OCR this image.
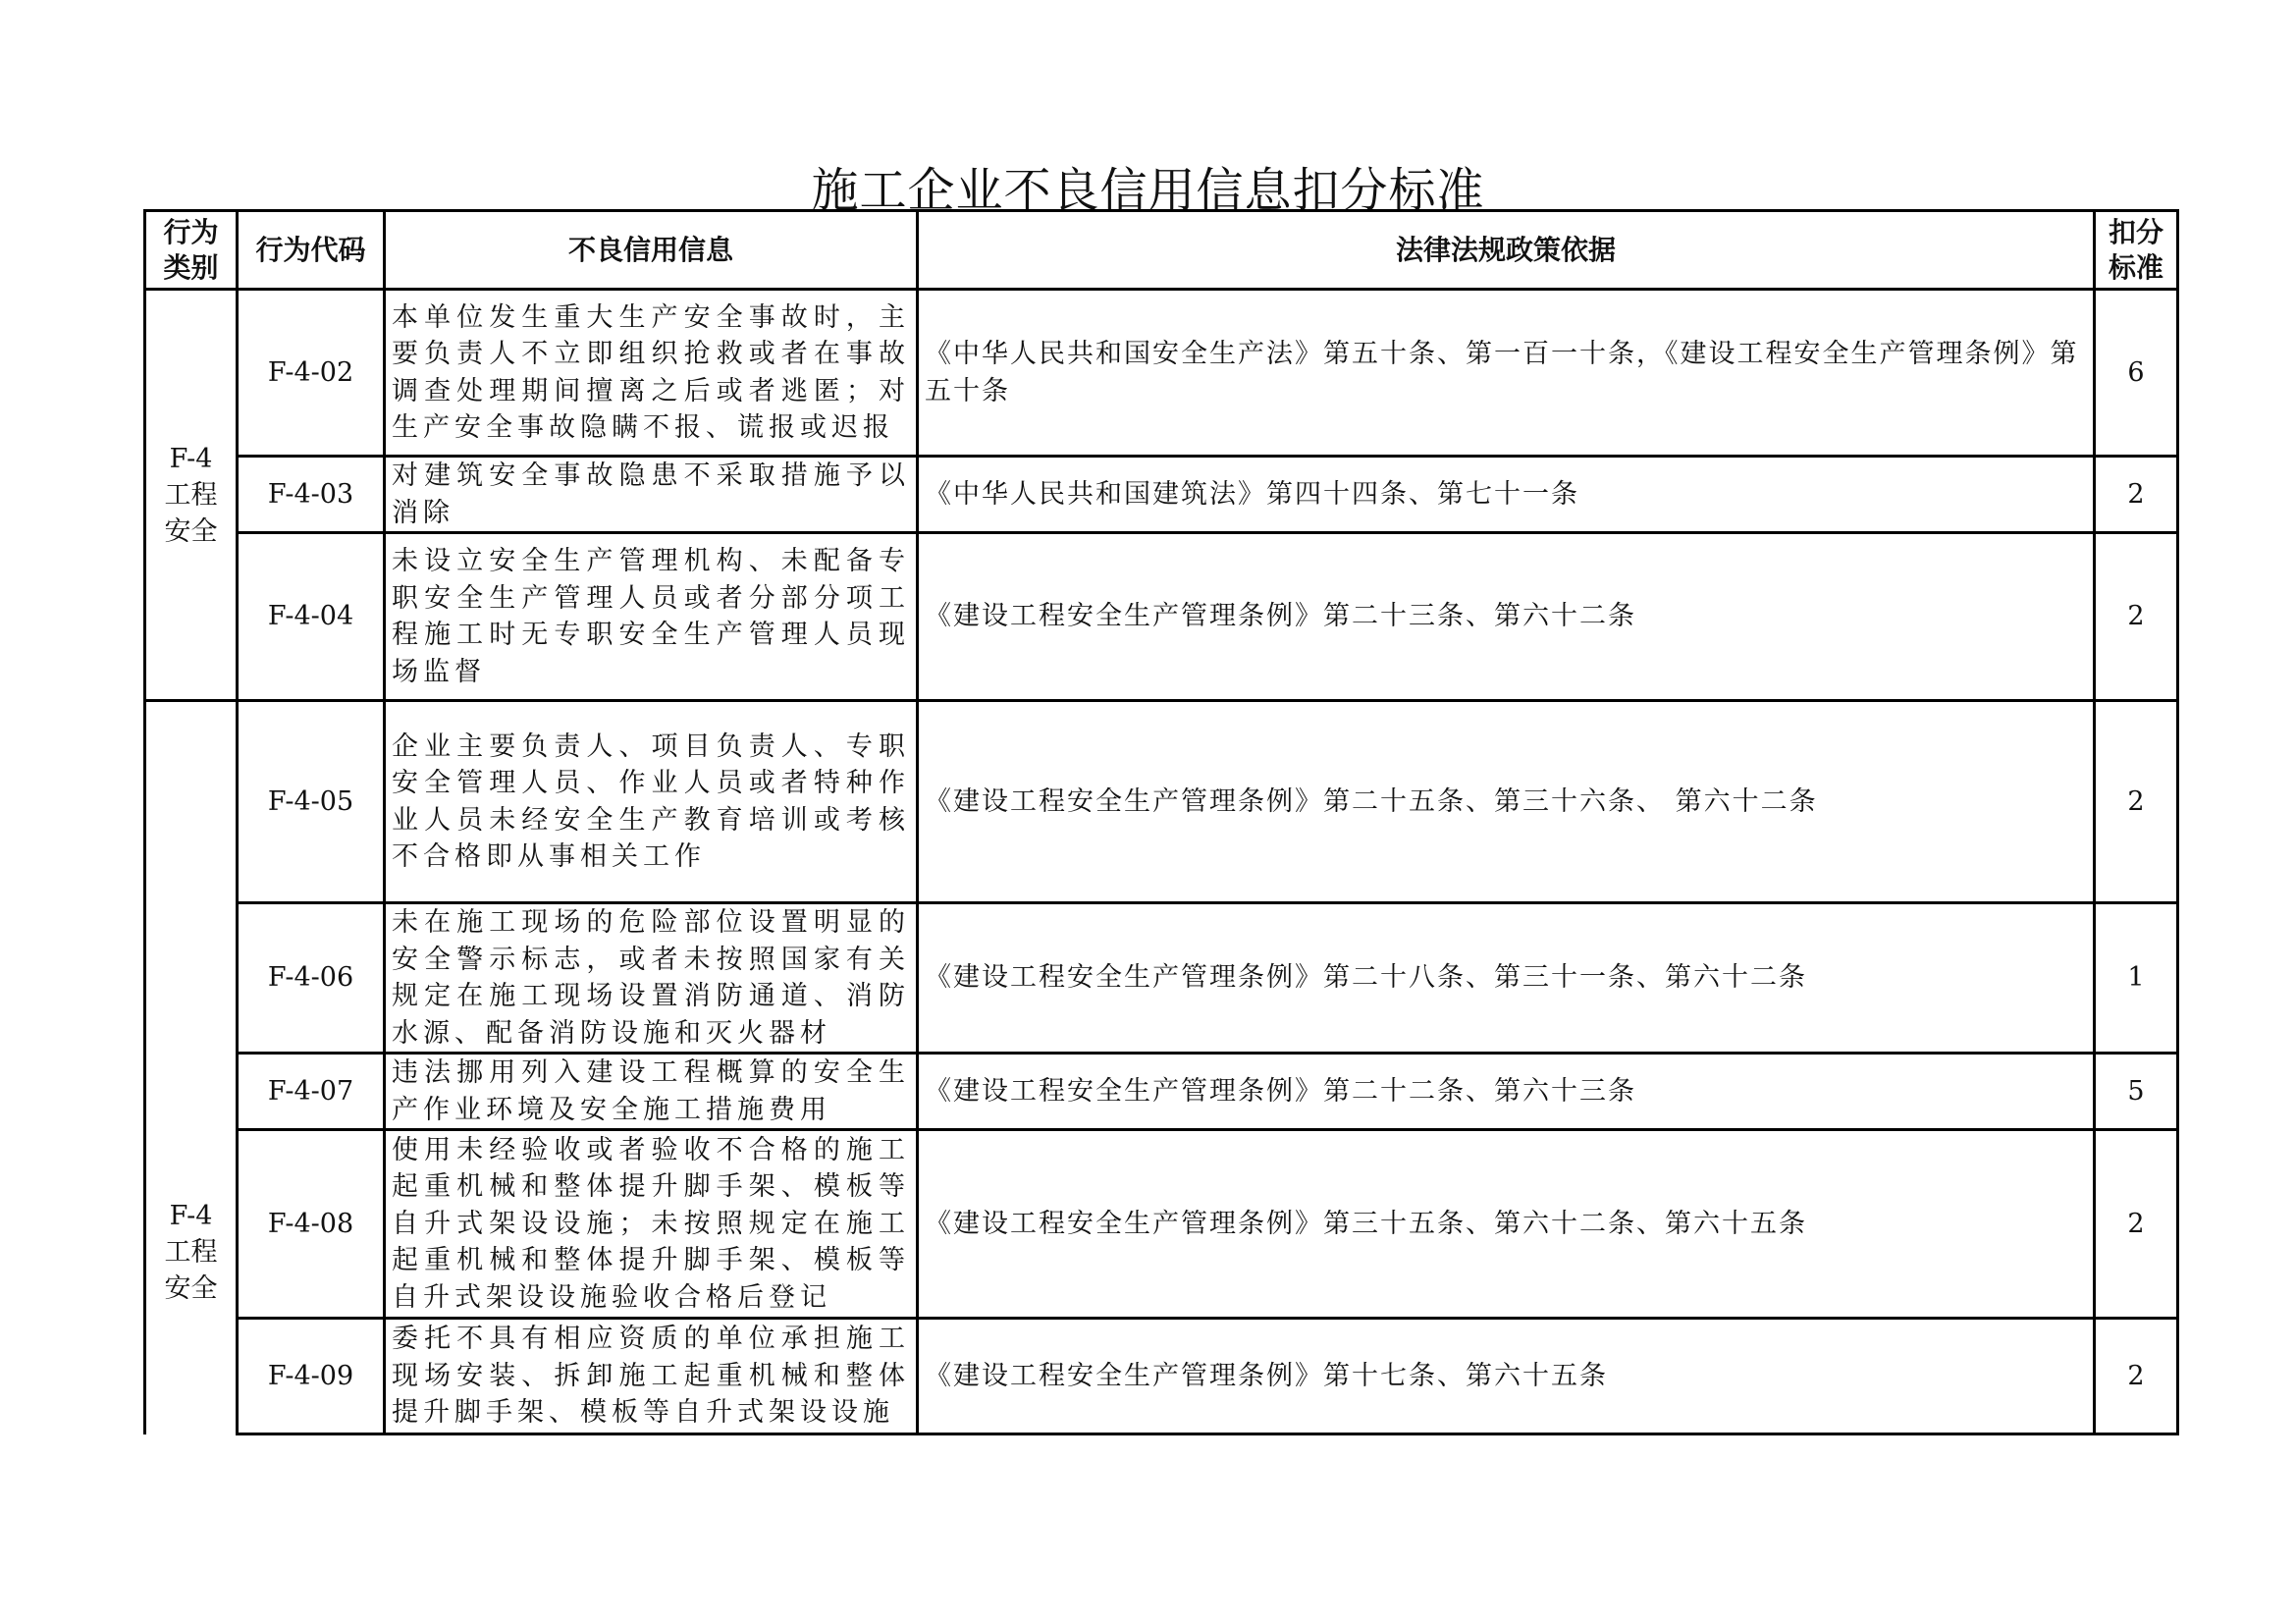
施工企业不良信用信息扣分标准
行为类别	行为代码	不良信用信息	法律法规政策依据	扣分标准

F-4 工程安全	F-4-02	本单位发生重大生产安全事故时，主要负责人不立即组织抢救或者在事故调查处理期间擅离之后或者逃匿；对生产安全事故隐瞒不报、谎报或迟报	《中华人民共和国安全生产法》第五十条、第一百一十条，《建设工程安全生产管理条例》第五十条	6
	F-4-03	对建筑安全事故隐患不采取措施予以消除	《中华人民共和国建筑法》第四十四条、第七十一条	2
	F-4-04	未设立安全生产管理机构、未配备专职安全生产管理人员或者分部分项工程施工时无专职安全生产管理人员现场监督	《建设工程安全生产管理条例》第二十三条、第六十二条	2

F-4 工程安全	F-4-05	企业主要负责人、项目负责人、专职安全管理人员、作业人员或者特种作业人员未经安全生产教育培训或考核不合格即从事相关工作	《建设工程安全生产管理条例》第二十五条、第三十六条、 第六十二条	2
	F-4-06	未在施工现场的危险部位设置明显的安全警示标志，或者未按照国家有关规定在施工现场设置消防通道、消防水源、配备消防设施和灭火器材	《建设工程安全生产管理条例》第二十八条、第三十一条、第六十二条	1
	F-4-07	违法挪用列入建设工程概算的安全生产作业环境及安全施工措施费用	《建设工程安全生产管理条例》第二十二条、第六十三条	5
	F-4-08	使用未经验收或者验收不合格的施工起重机械和整体提升脚手架、模板等自升式架设设施；未按照规定在施工起重机械和整体提升脚手架、模板等自升式架设设施验收合格后登记	《建设工程安全生产管理条例》第三十五条、第六十二条、第六十五条	2
	F-4-09	委托不具有相应资质的单位承担施工现场安装、拆卸施工起重机械和整体提升脚手架、模板等自升式架设设施	《建设工程安全生产管理条例》第十七条、第六十五条	2
